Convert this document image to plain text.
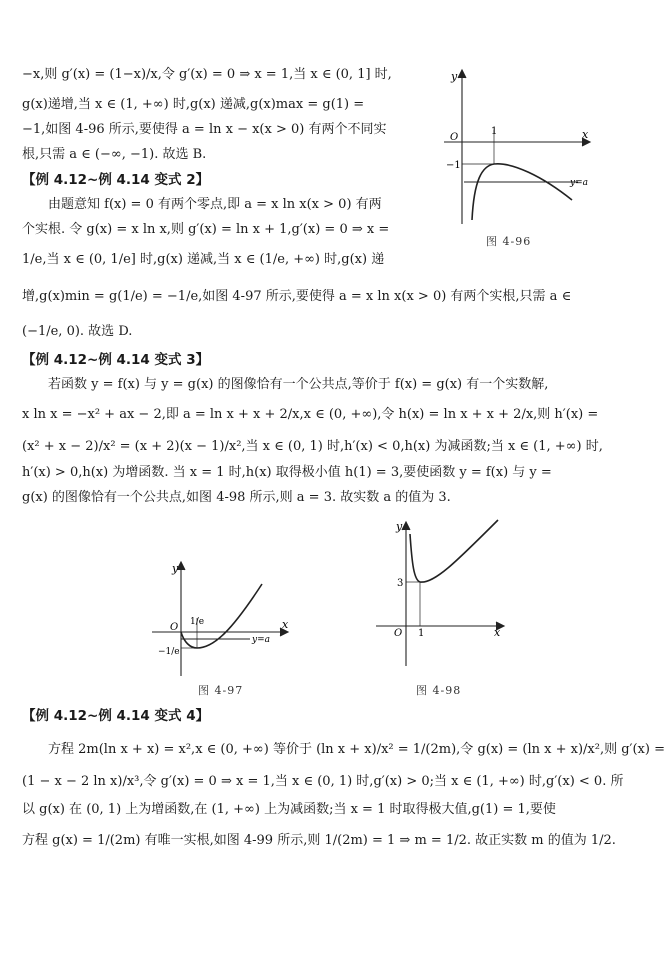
−x,则 g′(x) = (1−x)/x,令 g′(x) = 0 ⇒ x = 1,当 x ∈ (0, 1] 时,
g(x)递增,当 x ∈ (1, +∞) 时,g(x) 递减,g(x)max = g(1) =
−1,如图 4-96 所示,要使得 a = ln x − x(x > 0) 有两个不同实
根,只需 a ∈ (−∞, −1). 故选 B.
【例 4.12~例 4.14 变式 2】
由题意知 f(x) = 0 有两个零点,即 a = x ln x(x > 0) 有两
个实根. 令 g(x) = x ln x,则 g′(x) = ln x + 1,g′(x) = 0 ⇒ x =
1/e,当 x ∈ (0, 1/e] 时,g(x) 递减,当 x ∈ (1/e, +∞) 时,g(x) 递
增,g(x)min = g(1/e) = −1/e,如图 4-97 所示,要使得 a = x ln x(x > 0) 有两个实根,只需 a ∈
(−1/e, 0). 故选 D.
【例 4.12~例 4.14 变式 3】
若函数 y = f(x) 与 y = g(x) 的图像恰有一个公共点,等价于 f(x) = g(x) 有一个实数解,
x ln x = −x² + ax − 2,即 a = ln x + x + 2/x,x ∈ (0, +∞),令 h(x) = ln x + x + 2/x,则 h′(x) =
(x² + x − 2)/x² = (x + 2)(x − 1)/x²,当 x ∈ (0, 1) 时,h′(x) < 0,h(x) 为减函数;当 x ∈ (1, +∞) 时,
h′(x) > 0,h(x) 为增函数. 当 x = 1 时,h(x) 取得极小值 h(1) = 3,要使函数 y = f(x) 与 y =
g(x) 的图像恰有一个公共点,如图 4-98 所示,则 a = 3. 故实数 a 的值为 3.
【例 4.12~例 4.14 变式 4】
方程 2m(ln x + x) = x²,x ∈ (0, +∞) 等价于 (ln x + x)/x² = 1/(2m),令 g(x) = (ln x + x)/x²,则 g′(x) =
(1 − x − 2 ln x)/x³,令 g′(x) = 0 ⇒ x = 1,当 x ∈ (0, 1) 时,g′(x) > 0;当 x ∈ (1, +∞) 时,g′(x) < 0. 所
以 g(x) 在 (0, 1) 上为增函数,在 (1, +∞) 上为减函数;当 x = 1 时取得极大值,g(1) = 1,要使
方程 g(x) = 1/(2m) 有唯一实根,如图 4-99 所示,则 1/(2m) = 1 ⇒ m = 1/2. 故正实数 m 的值为 1/2.
y
x
O
1
−1
y=a
图 4-96
y
x
O 1/e
−1/e
y=a
图 4-97
y
x
O 1
3
图 4-98
